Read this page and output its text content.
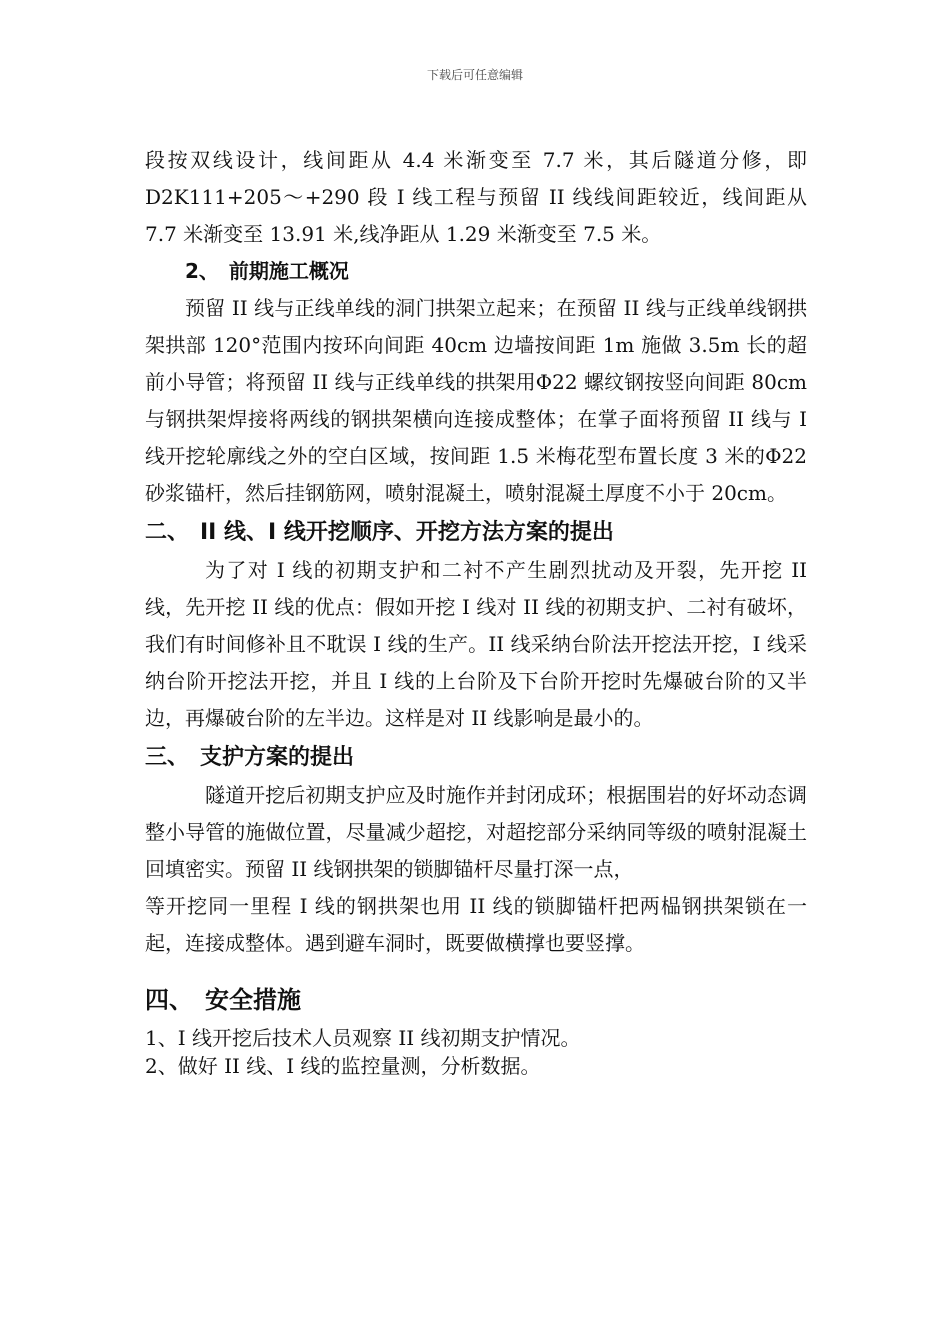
下载后可任意编辑

段按双线设计，线间距从 4.4 米渐变至 7.7 米，其后隧道分修，即 D2K111+205～+290 段 I 线工程与预留 II 线线间距较近，线间距从 7.7 米渐变至 13.91 米,线净距从 1.29 米渐变至 7.5 米。

2、　前期施工概况

预留 II 线与正线单线的洞门拱架立起来；在预留 II 线与正线单线钢拱架拱部 120°范围内按环向间距 40cm 边墙按间距 1m 施做 3.5m 长的超前小导管；将预留 II 线与正线单线的拱架用Φ22 螺纹钢按竖向间距 80cm 与钢拱架焊接将两线的钢拱架横向连接成整体；在掌子面将预留 II 线与 I 线开挖轮廓线之外的空白区域，按间距 1.5 米梅花型布置长度 3 米的Φ22 砂浆锚杆，然后挂钢筋网，喷射混凝土，喷射混凝土厚度不小于 20cm。

二、　II 线、I 线开挖顺序、开挖方法方案的提出

为了对 I 线的初期支护和二衬不产生剧烈扰动及开裂，先开挖 II 线，先开挖 II 线的优点：假如开挖 I 线对 II 线的初期支护、二衬有破坏，我们有时间修补且不耽误 I 线的生产。II 线采纳台阶法开挖法开挖，I 线采纳台阶开挖法开挖，并且 I 线的上台阶及下台阶开挖时先爆破台阶的又半边，再爆破台阶的左半边。这样是对 II 线影响是最小的。

三、　支护方案的提出

隧道开挖后初期支护应及时施作并封闭成环；根据围岩的好坏动态调整小导管的施做位置，尽量减少超挖，对超挖部分采纳同等级的喷射混凝土回填密实。预留 II 线钢拱架的锁脚锚杆尽量打深一点，

等开挖同一里程 I 线的钢拱架也用 II 线的锁脚锚杆把两榀钢拱架锁在一起，连接成整体。遇到避车洞时，既要做横撑也要竖撑。

四、　安全措施
1、I 线开挖后技术人员观察 II 线初期支护情况。
2、做好 II 线、I 线的监控量测，分析数据。
